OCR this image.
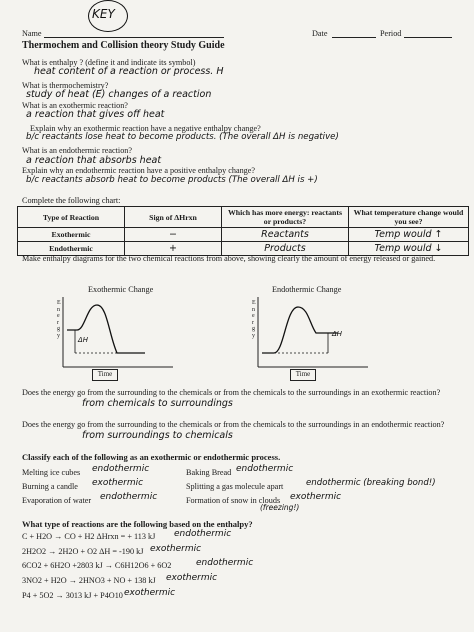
KEY
Name	Date	Period
Thermochem and Collision theory Study Guide
What is enthalpy ? (define it and indicate its symbol)
heat content of a reaction or process. H
What is thermochemistry?
study of heat (E) changes of a reaction
What is an exothermic reaction?
a reaction that gives off heat
Explain why an exothermic reaction have a negative enthalpy change?
b/c reactants lose heat to become products. (The overall ΔH is negative)
What is an endothermic reaction?
a reaction that absorbs heat
Explain why an endothermic reaction have a positive enthalpy change?
b/c reactants absorb heat to become products (The overall ΔH is +)
Complete the following chart:
Type of Reaction	Sign of ΔHrxn	Which has more energy: reactants or products?	What temperature change would you see?
Exothermic	−	Reactants	Temp would ↑
Endothermic	+	Products	Temp would ↓
Make enthalpy diagrams for the two chemical reactions from above, showing clearly the amount of energy released or gained.
Exothermic Change	Endothermic Change
E
n
e
r
g
y
ΔH
Time
E
n
e
r
g
y	ΔH
Time
Does the energy go from the surrounding to the chemicals or from the chemicals to the surroundings in an exothermic reaction?
from chemicals to surroundings
Does the energy go from the surrounding to the chemicals or from the chemicals to the surroundings in an endothermic reaction?
from surroundings to chemicals
Classify each of the following as an exothermic or endothermic process.
Melting ice cubes endothermic
Burning a candle exothermic
Evaporation of water endothermic
Baking Bread endothermic
Splitting a gas molecule apart	endothermic (breaking bond!)
Formation of snow in clouds exothermic
(freezing!)
What type of reactions are the following based on the enthalpy?
C + H2O → CO + H2 ΔHrxn = + 113 kJ endothermic
2H2O2 → 2H2O + O2 ΔH = -190 kJ exothermic
6CO2 + 6H2O +2803 kJ → C6H12O6 + 6O2	endothermic
3NO2 + H2O → 2HNO3 + NO + 138 kJ exothermic
P4 + 5O2 → 3013 kJ + P4O10 exothermic
